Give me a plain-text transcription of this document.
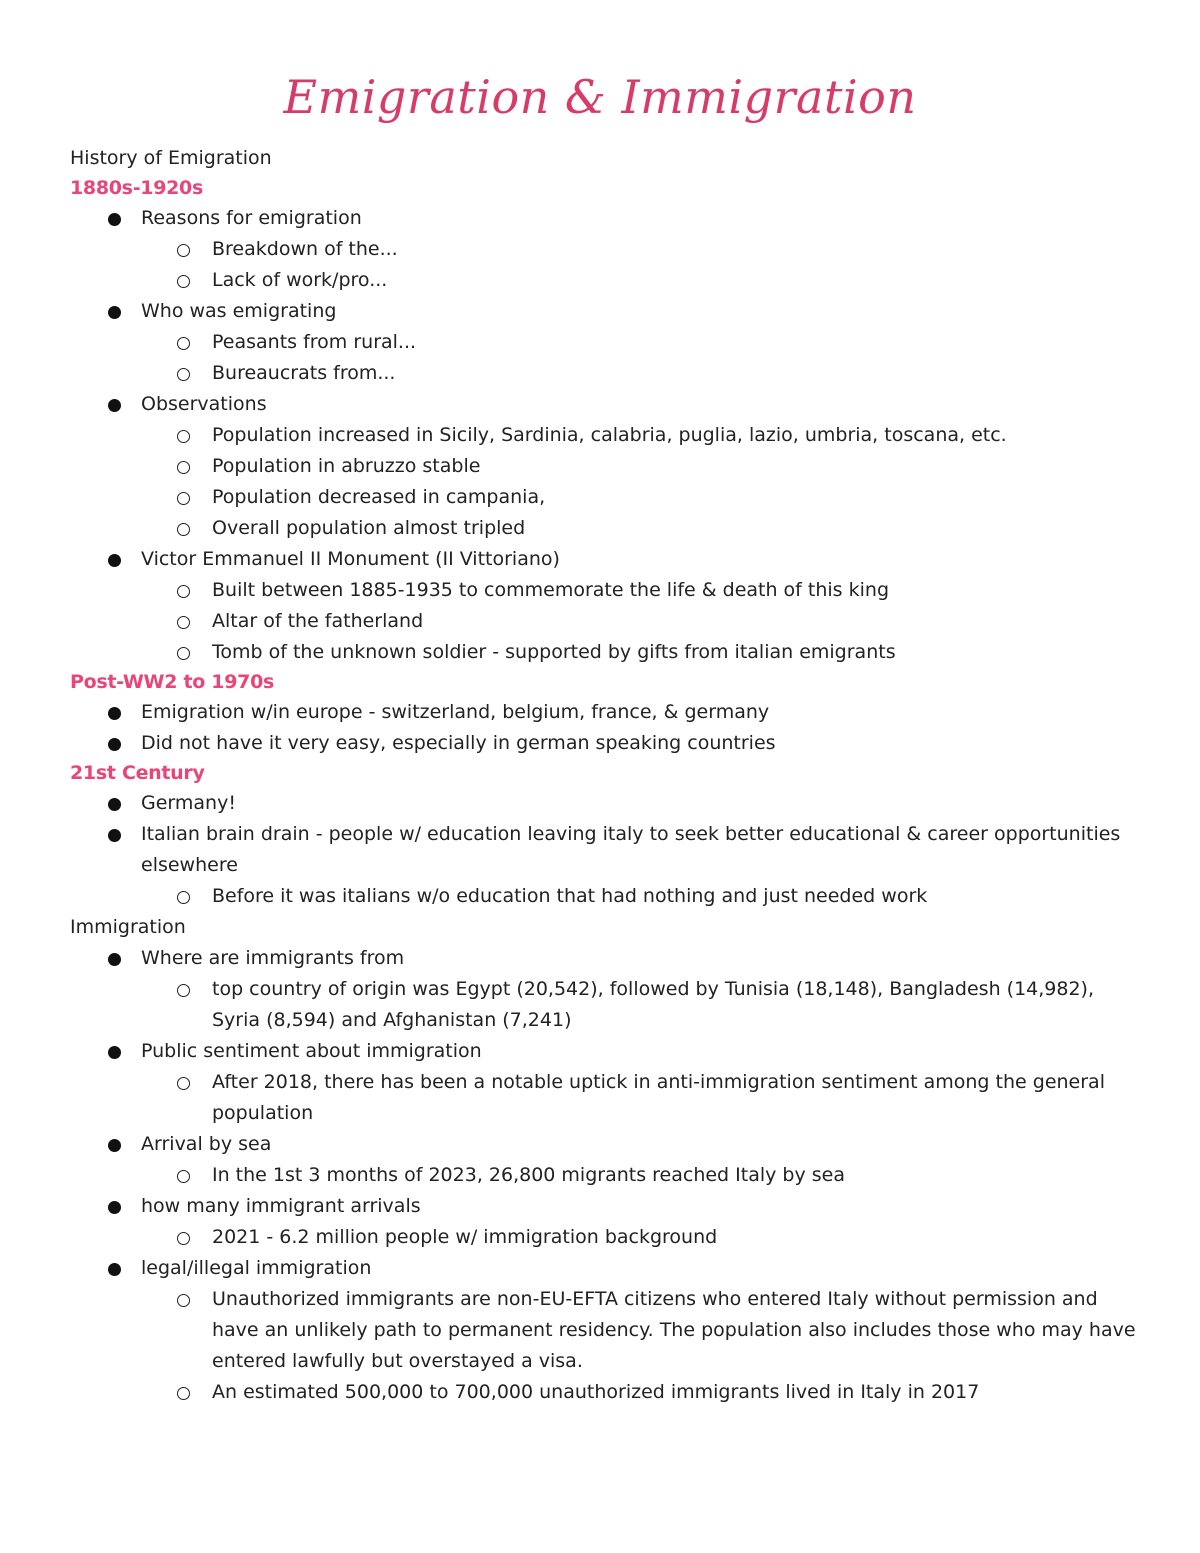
Emigration & Immigration

History of Emigration

1880s-1920s

Reasons for emigration
Breakdown of the...
Lack of work/pro...
Who was emigrating
Peasants from rural...
Bureaucrats from...
Observations
Population increased in Sicily, Sardinia, calabria, puglia, lazio, umbria, toscana, etc.
Population in abruzzo stable
Population decreased in campania,
Overall population almost tripled
Victor Emmanuel II Monument (II Vittoriano)
Built between 1885-1935 to commemorate the life & death of this king
Altar of the fatherland
Tomb of the unknown soldier - supported by gifts from italian emigrants

Post-WW2 to 1970s

Emigration w/in europe - switzerland, belgium, france, & germany
Did not have it very easy, especially in german speaking countries

21st Century

Germany!
Italian brain drain - people w/ education leaving italy to seek better educational & career opportunities elsewhere
Before it was italians w/o education that had nothing and just needed work

Immigration

Where are immigrants from
top country of origin was Egypt (20,542), followed by Tunisia (18,148), Bangladesh (14,982), Syria (8,594) and Afghanistan (7,241)
Public sentiment about immigration
After 2018, there has been a notable uptick in anti-immigration sentiment among the general population
Arrival by sea
In the 1st 3 months of 2023, 26,800 migrants reached Italy by sea
how many immigrant arrivals
2021 - 6.2 million people w/ immigration background
legal/illegal immigration
Unauthorized immigrants are non-EU-EFTA citizens who entered Italy without permission and have an unlikely path to permanent residency. The population also includes those who may have entered lawfully but overstayed a visa.
An estimated 500,000 to 700,000 unauthorized immigrants lived in Italy in 2017
